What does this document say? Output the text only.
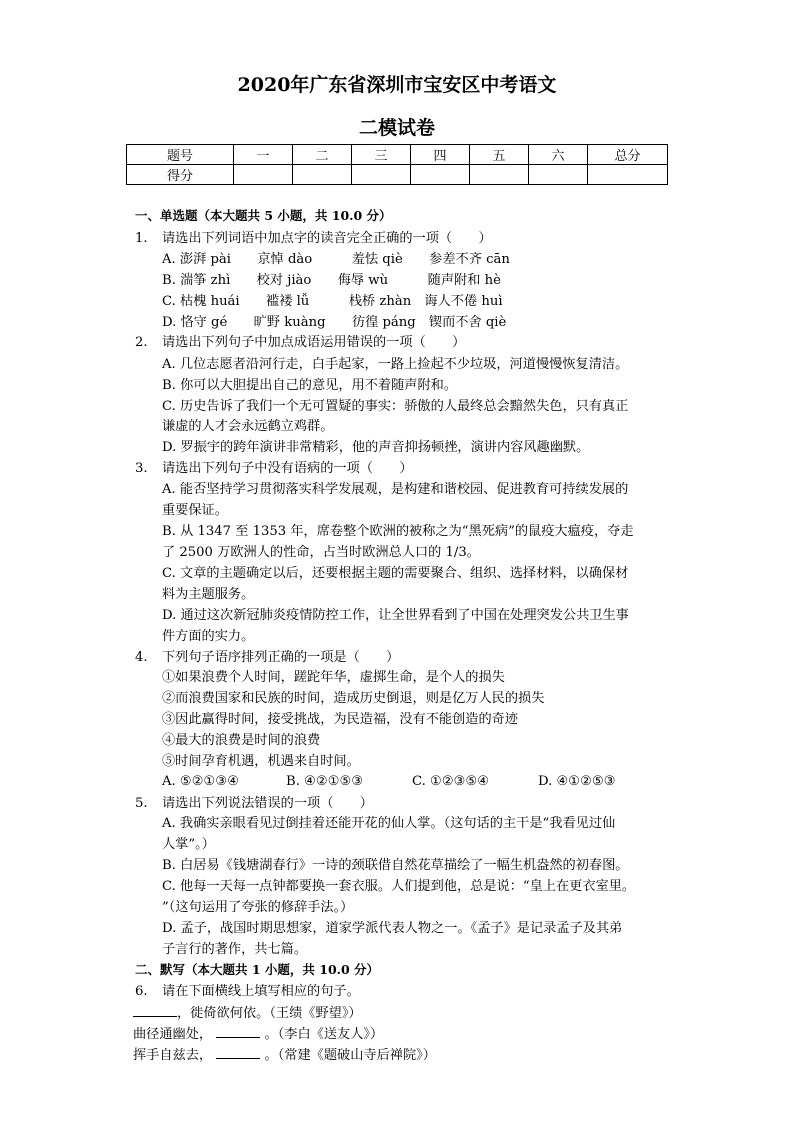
2020年广东省深圳市宝安区中考语文
二模试卷
题号	一	二	三	四	五	六	总分
得分							
一、单选题（本大题共 5 小题，共 10.0 分）
1. 请选出下列词语中加点字的读音完全正确的一项（　　）
A. 澎湃 pài　　京悼 dào　　　羞怯 qiè　　参差不齐 cān
B. 湍筝 zhì　　校对 jiào　　侮辱 wù　　　随声附和 hè
C. 枯槐 huái　　褴褛 lǚ　　　栈桥 zhàn　诲人不倦 huì
D. 恪守 gé　　旷野 kuàng　　彷徨 páng　锲而不舍 qiè
2. 请选出下列句子中加点成语运用错误的一项（　　）
A. 几位志愿者沿河行走，白手起家，一路上捡起不少垃圾，河道慢慢恢复清洁。
B. 你可以大胆提出自己的意见，用不着随声附和。
C. 历史告诉了我们一个无可置疑的事实：骄傲的人最终总会黯然失色，只有真正
谦虚的人才会永远鹤立鸡群。
D. 罗振宇的跨年演讲非常精彩，他的声音抑扬顿挫，演讲内容风趣幽默。
3. 请选出下列句子中没有语病的一项（　　）
A. 能否坚持学习贯彻落实科学发展观，是构建和谐校园、促进教育可持续发展的
重要保证。
B. 从 1347 至 1353 年，席卷整个欧洲的被称之为“黑死病”的鼠疫大瘟疫，夺走
了 2500 万欧洲人的性命，占当时欧洲总人口的 1/3。
C. 文章的主题确定以后，还要根据主题的需要聚合、组织、选择材料，以确保材
料为主题服务。
D. 通过这次新冠肺炎疫情防控工作，让全世界看到了中国在处理突发公共卫生事
件方面的实力。
4. 下列句子语序排列正确的一项是（　　）
①如果浪费个人时间，蹉跎年华，虚掷生命，是个人的损失
②而浪费国家和民族的时间，造成历史倒退，则是亿万人民的损失
③因此赢得时间，接受挑战，为民造福，没有不能创造的奇迹
④最大的浪费是时间的浪费
⑤时间孕育机遇，机遇来自时间。
A. ⑤②①③④	B. ④②①⑤③	C. ①②③⑤④	D. ④①②⑤③
5. 请选出下列说法错误的一项（　　）
A. 我确实亲眼看见过倒挂着还能开花的仙人掌。（这句话的主干是“我看见过仙
人掌”。）
B. 白居易《钱塘湖春行》一诗的颈联借自然花草描绘了一幅生机盎然的初春图。
C. 他每一天每一点钟都要换一套衣服。人们提到他，总是说：“皇上在更衣室里。
”（这句运用了夸张的修辞手法。）
D. 孟子，战国时期思想家，道家学派代表人物之一。《孟子》是记录孟子及其弟
子言行的著作，共七篇。
二、默写（本大题共 1 小题，共 10.0 分）
6. 请在下面横线上填写相应的句子。
，徙倚欲何依。（王绩《野望》）
曲径通幽处，	。（李白《送友人》）
挥手自兹去，	。（常建《题破山寺后禅院》）
